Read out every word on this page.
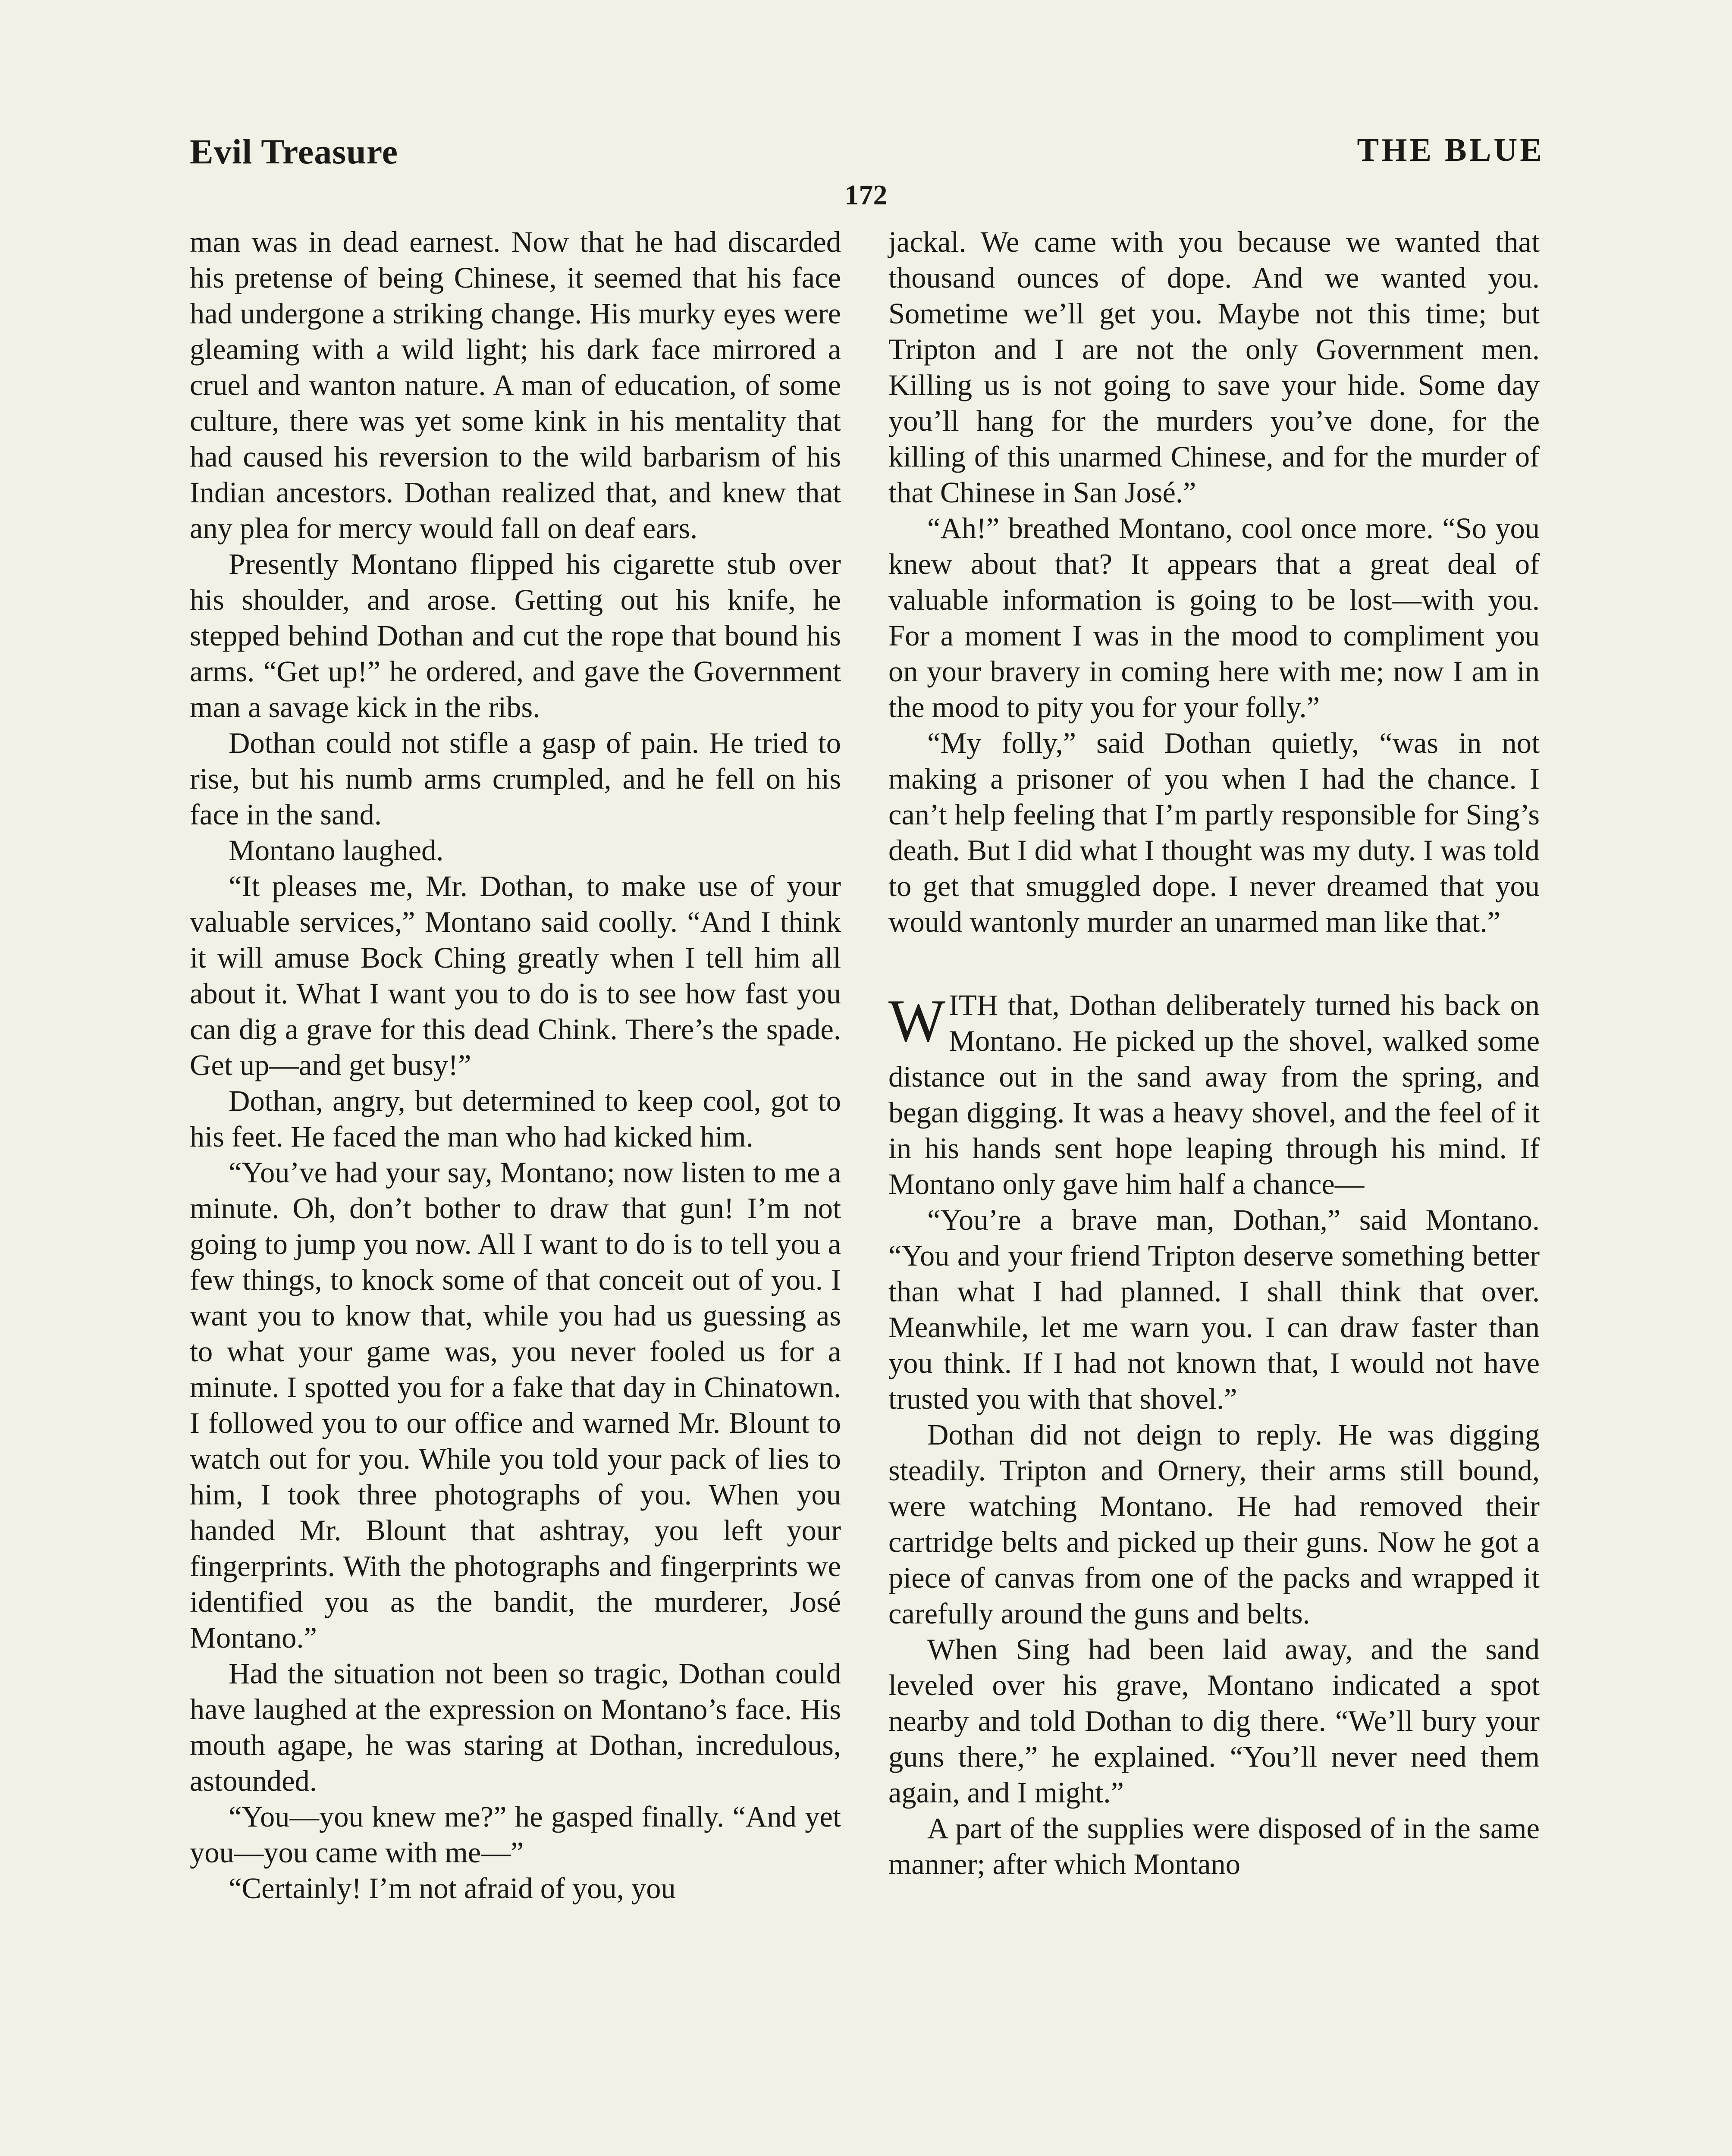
Evil Treasure	THE BLUE
172

man was in dead earnest. Now that he had discarded his pretense of being Chinese, it seemed that his face had undergone a striking change. His murky eyes were gleaming with a wild light; his dark face mirrored a cruel and wanton nature. A man of education, of some culture, there was yet some kink in his mentality that had caused his reversion to the wild barbarism of his Indian ancestors. Dothan realized that, and knew that any plea for mercy would fall on deaf ears.

Presently Montano flipped his cigarette stub over his shoulder, and arose. Getting out his knife, he stepped behind Dothan and cut the rope that bound his arms. “Get up!” he ordered, and gave the Government man a savage kick in the ribs.

Dothan could not stifle a gasp of pain. He tried to rise, but his numb arms crumpled, and he fell on his face in the sand.

Montano laughed.

“It pleases me, Mr. Dothan, to make use of your valuable services,” Montano said coolly. “And I think it will amuse Bock Ching greatly when I tell him all about it. What I want you to do is to see how fast you can dig a grave for this dead Chink. There’s the spade. Get up—and get busy!”

Dothan, angry, but determined to keep cool, got to his feet. He faced the man who had kicked him.

“You’ve had your say, Montano; now listen to me a minute. Oh, don’t bother to draw that gun! I’m not going to jump you now. All I want to do is to tell you a few things, to knock some of that conceit out of you. I want you to know that, while you had us guessing as to what your game was, you never fooled us for a minute. I spotted you for a fake that day in Chinatown. I followed you to our office and warned Mr. Blount to watch out for you. While you told your pack of lies to him, I took three photographs of you. When you handed Mr. Blount that ashtray, you left your fingerprints. With the photographs and fingerprints we identified you as the bandit, the murderer, José Montano.”

Had the situation not been so tragic, Dothan could have laughed at the expression on Montano’s face. His mouth agape, he was staring at Dothan, incredulous, astounded.

“You—you knew me?” he gasped finally. “And yet you—you came with me—”

“Certainly! I’m not afraid of you, you

jackal. We came with you because we wanted that thousand ounces of dope. And we wanted you. Sometime we’ll get you. Maybe not this time; but Tripton and I are not the only Government men. Killing us is not going to save your hide. Some day you’ll hang for the murders you’ve done, for the killing of this unarmed Chinese, and for the murder of that Chinese in San José.”

“Ah!” breathed Montano, cool once more. “So you knew about that? It appears that a great deal of valuable information is going to be lost—with you. For a moment I was in the mood to compliment you on your bravery in coming here with me; now I am in the mood to pity you for your folly.”

“My folly,” said Dothan quietly, “was in not making a prisoner of you when I had the chance. I can’t help feeling that I’m partly responsible for Sing’s death. But I did what I thought was my duty. I was told to get that smuggled dope. I never dreamed that you would wantonly murder an unarmed man like that.”

WITH that, Dothan deliberately turned his back on Montano. He picked up the shovel, walked some distance out in the sand away from the spring, and began digging. It was a heavy shovel, and the feel of it in his hands sent hope leaping through his mind. If Montano only gave him half a chance—

“You’re a brave man, Dothan,” said Montano. “You and your friend Tripton deserve something better than what I had planned. I shall think that over. Meanwhile, let me warn you. I can draw faster than you think. If I had not known that, I would not have trusted you with that shovel.”

Dothan did not deign to reply. He was digging steadily. Tripton and Ornery, their arms still bound, were watching Montano. He had removed their cartridge belts and picked up their guns. Now he got a piece of canvas from one of the packs and wrapped it carefully around the guns and belts.

When Sing had been laid away, and the sand leveled over his grave, Montano indicated a spot nearby and told Dothan to dig there. “We’ll bury your guns there,” he explained. “You’ll never need them again, and I might.”

A part of the supplies were disposed of in the same manner; after which Montano
